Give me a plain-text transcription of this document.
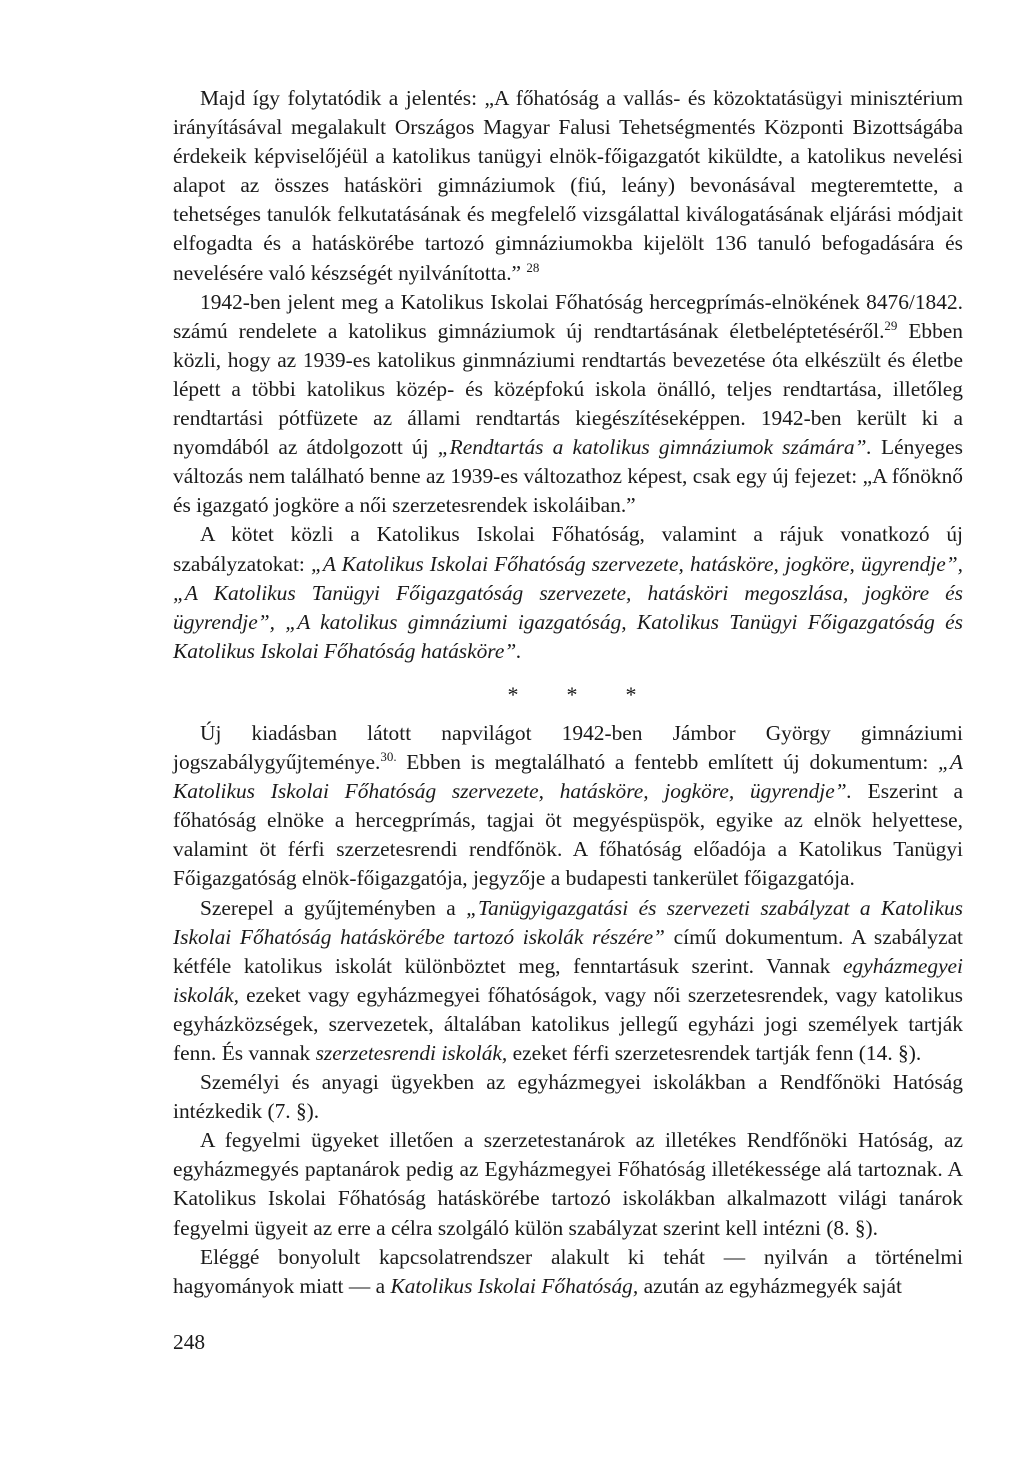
Majd így folytatódik a jelentés: „A főhatóság a vallás- és közoktatásügyi minisztérium irányításával megalakult Országos Magyar Falusi Tehetségmentés Központi Bizottságába érdekeik képviselőjéül a katolikus tanügyi elnök-főigazgatót kiküldte, a katolikus nevelési alapot az összes hatásköri gimnáziumok (fiú, leány) bevonásával megteremtette, a tehetséges tanulók felkutatásának és megfelelő vizsgálattal kiválogatásának eljárási módjait elfogadta és a hatáskörébe tartozó gimnáziumokba kijelölt 136 tanuló befogadására és nevelésére való készségét nyilvánította.” $^{28}$

1942-ben jelent meg a Katolikus Iskolai Főhatóság hercegprímás-elnökének 8476/1842. számú rendelete a katolikus gimnáziumok új rendtartásának életbeléptetéséről.$^{29}$ Ebben közli, hogy az 1939-es katolikus ginmnáziumi rendtartás bevezetése óta elkészült és életbe lépett a többi katolikus közép- és középfokú iskola önálló, teljes rendtartása, illetőleg rendtartási pótfüzete az állami rendtartás kiegészítéseképpen. 1942-ben került ki a nyomdából az átdolgozott új „Rendtartás a katolikus gimnáziumok számára”. Lényeges változás nem található benne az 1939-es változathoz képest, csak egy új fejezet: „A főnöknő és igazgató jogköre a női szerzetesrendek iskoláiban.”

A kötet közli a Katolikus Iskolai Főhatóság, valamint a rájuk vonatkozó új szabályzatokat: „A Katolikus Iskolai Főhatóság szervezete, hatásköre, jogköre, ügyrendje”, „A Katolikus Tanügyi Főigazgatóság szervezete, hatásköri megoszlása, jogköre és ügyrendje”, „A katolikus gimnáziumi igazgatóság, Katolikus Tanügyi Főigazgatóság és Katolikus Iskolai Főhatóság hatásköre”.

* * *

Új kiadásban látott napvilágot 1942-ben Jámbor György gimnáziumi jogszabálygyűjteménye.$^{30.}$ Ebben is megtalálható a fentebb említett új dokumentum: „A Katolikus Iskolai Főhatóság szervezete, hatásköre, jogköre, ügyrendje”. Eszerint a főhatóság elnöke a hercegprímás, tagjai öt megyéspüspök, egyike az elnök helyettese, valamint öt férfi szerzetesrendi rendfőnök. A főhatóság előadója a Katolikus Tanügyi Főigazgatóság elnök-főigazgatója, jegyzője a budapesti tankerület főigazgatója.

Szerepel a gyűjteményben a „Tanügyigazgatási és szervezeti szabályzat a Katolikus Iskolai Főhatóság hatáskörébe tartozó iskolák részére” című dokumentum. A szabályzat kétféle katolikus iskolát különböztet meg, fenntartásuk szerint. Vannak egyházmegyei iskolák, ezeket vagy egyházmegyei főhatóságok, vagy női szerzetesrendek, vagy katolikus egyházközségek, szervezetek, általában katolikus jellegű egyházi jogi személyek tartják fenn. És vannak szerzetesrendi iskolák, ezeket férfi szerzetesrendek tartják fenn (14. §).

Személyi és anyagi ügyekben az egyházmegyei iskolákban a Rendfőnöki Hatóság intézkedik (7. §).

A fegyelmi ügyeket illetően a szerzetestanárok az illetékes Rendfőnöki Hatóság, az egyházmegyés paptanárok pedig az Egyházmegyei Főhatóság illetékessége alá tartoznak. A Katolikus Iskolai Főhatóság hatáskörébe tartozó iskolákban alkalmazott világi tanárok fegyelmi ügyeit az erre a célra szolgáló külön szabályzat szerint kell intézni (8. §).

Eléggé bonyolult kapcsolatrendszer alakult ki tehát — nyilván a történelmi hagyományok miatt — a Katolikus Iskolai Főhatóság, azután az egyházmegyék saját

248
